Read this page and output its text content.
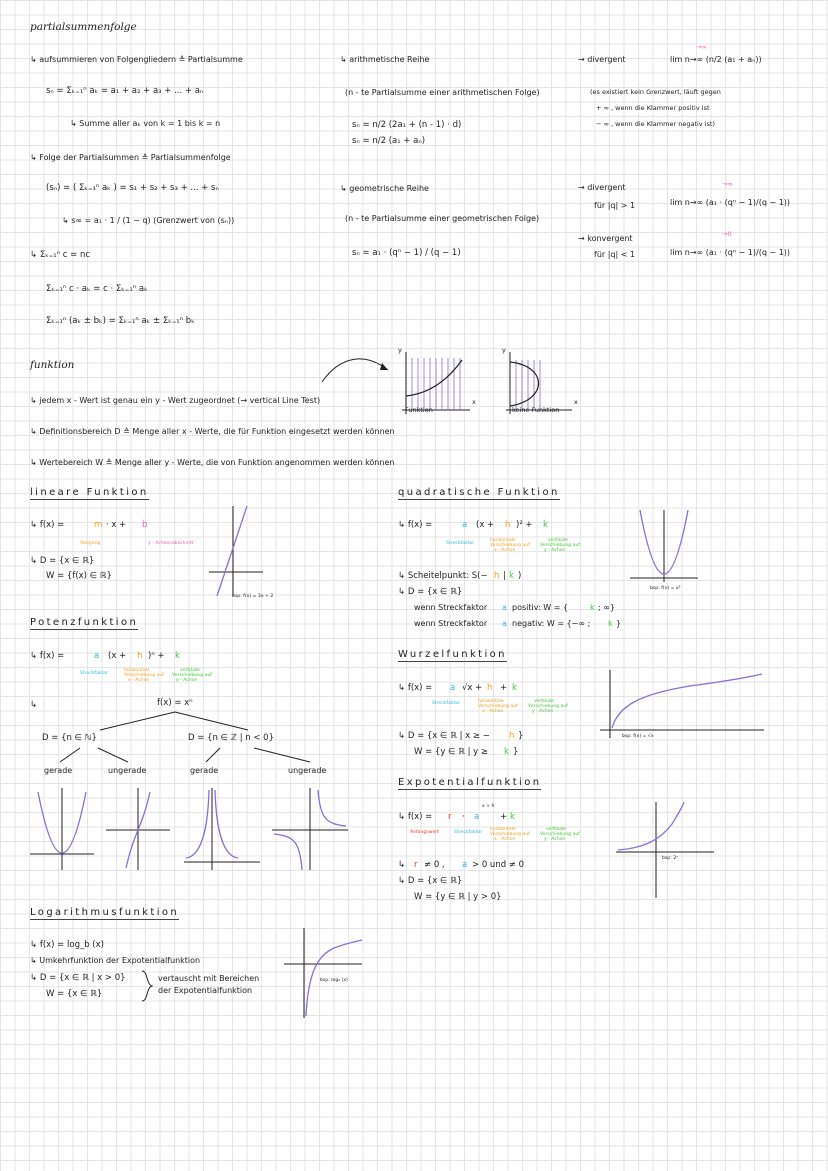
partialsummenfolge
↳ aufsummieren von Folgengliedern ≙ Partialsumme
sₙ = Σₖ₌₁ⁿ aₖ = a₁ + a₂ + a₃ + ... + aₙ
↳ Summe aller aₖ von k = 1 bis k = n
↳ Folge der Partialsummen ≙ Partialsummenfolge
(sₙ) = ( Σₖ₌₁ⁿ aₖ ) = s₁ + s₂ + s₃ + ... + sₙ
↳ s∞ = a₁ · 1 / (1 − q) (Grenzwert von (sₙ))
↳ Σₖ₌₁ⁿ c = nc
Σₖ₌₁ⁿ c · aₖ = c · Σₖ₌₁ⁿ aₖ
Σₖ₌₁ⁿ (aₖ ± bₖ) = Σₖ₌₁ⁿ aₖ ± Σₖ₌₁ⁿ bₖ
↳ arithmetische Reihe
(n - te Partialsumme einer arithmetischen Folge)
sₙ = n/2 (2a₁ + (n - 1) · d)
sₙ = n/2 (a₁ + aₙ)
↳ geometrische Reihe
(n - te Partialsumme einer geometrischen Folge)
sₙ = a₁ · (qⁿ − 1) / (q − 1)
→ divergent	lim n→∞ (n/2 (a₁ + aₙ))
→∞
(es existiert kein Grenzwert, läuft gegen
+ ∞ , wenn die Klammer positiv ist
− ∞ , wenn die Klammer negativ ist)
→ divergent
für |q| > 1	lim n→∞ (a₁ · (qⁿ − 1)/(q − 1))
→∞
→ konvergent
für |q| < 1	lim n→∞ (a₁ · (qⁿ − 1)/(q − 1))
→0
funktion
↳ jedem x - Wert ist genau ein y - Wert zugeordnet (→ vertical Line Test)
↳ Definitionsbereich D ≙ Menge aller x - Werte, die für Funktion eingesetzt werden können
↳ Wertebereich W ≙ Menge aller y - Werte, die von Funktion angenommen werden können
Funktion	keine Funktion
x
y
x
y
lineare Funktion
↳ f(x) =	m · x + b
Steigung	y - Achsenabschnitt
↳ D = {x ∈ ℝ}
W = {f(x) ∈ ℝ}
bsp: f(x) = 3x + 2
quadratische Funktion
↳ f(x) =	a (x + h )² + k
Streckfaktor
horizontale
Verschiebung auf
x - Achse
vertikale
Verschiebung auf
y - Achse
↳ Scheitelpunkt: S(− h | k )
↳ D = {x ∈ ℝ}
wenn Streckfaktor a positiv: W = {	k ; ∞}
wenn Streckfaktor a negativ: W = {−∞ ; k }
bsp: f(x) = x²
Potenzfunktion
↳ f(x) =	a (x + h )ⁿ + k
Streckfaktor
horizontale
Verschiebung auf
x - Achse
vertikale
Verschiebung auf
y - Achse
↳	f(x) = xⁿ
D = {n ∈ ℕ}	D = {n ∈ ℤ | n < 0}
gerade	ungerade	gerade	ungerade
Wurzelfunktion
↳ f(x) = a √x + h + k
Streckfaktor	horizontale
Verschiebung auf
x - Achse
vertikale
Verschiebung auf
y - Achse
↳ D = {x ∈ ℝ | x ≥ − h }
W = {y ∈ ℝ | y ≥ k }
bsp: f(x) = √x
Expotentialfunktion
↳ f(x) = r · a
x + h
+ k
Anfangswert	Streckfaktor
horizontale
Verschiebung auf
x - Achse
vertikale
Verschiebung auf
y - Achse
↳ r ≠ 0 , a > 0 und ≠ 0
↳ D = {x ∈ ℝ}
W = {y ∈ ℝ | y > 0}
bsp: 2ˣ
Logarithmusfunktion
↳ f(x) = log_b (x)
↳ Umkehrfunktion der Expotentialfunktion
↳ D = {x ∈ ℝ | x > 0}
W = {x ∈ ℝ}
vertauscht mit Bereichen
der Expotentialfunktion
bsp: log₂ (x)
